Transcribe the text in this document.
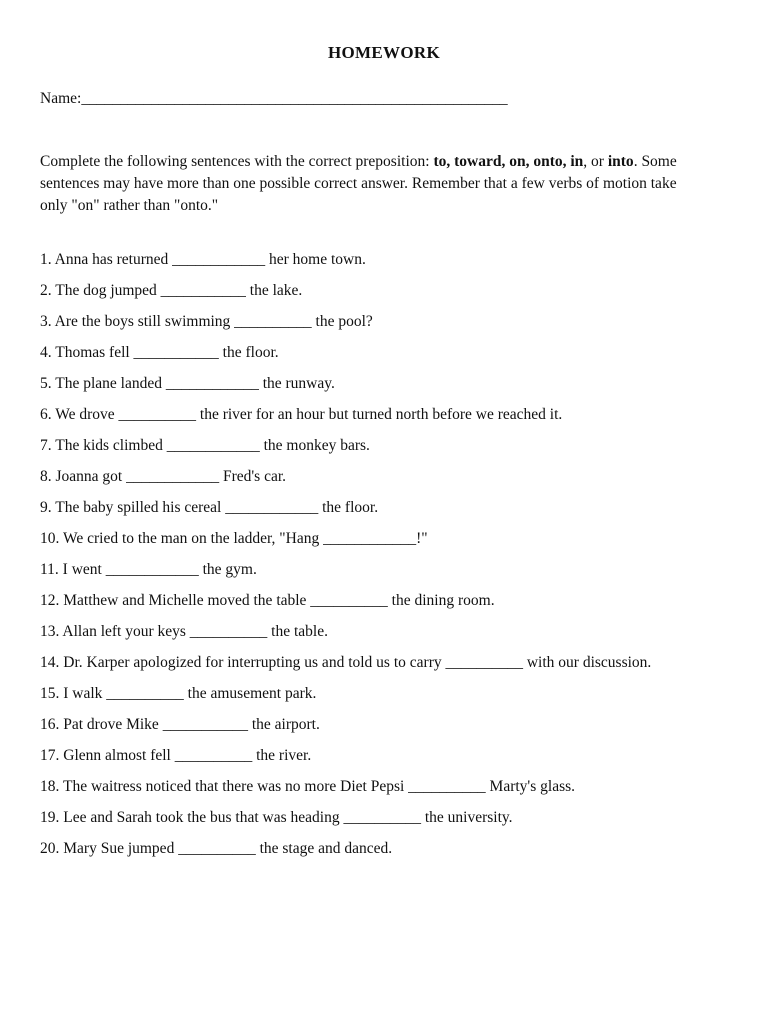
HOMEWORK
Name:_______________________________________________________
Complete the following sentences with the correct preposition: to, toward, on, onto, in, or into. Some sentences may have more than one possible correct answer. Remember that a few verbs of motion take only "on" rather than "onto."
1. Anna has returned ____________ her home town.
2. The dog jumped ___________ the lake.
3. Are the boys still swimming __________ the pool?
4. Thomas fell ___________ the floor.
5. The plane landed ____________ the runway.
6. We drove __________ the river for an hour but turned north before we reached it.
7. The kids climbed ____________ the monkey bars.
8. Joanna got ____________ Fred's car.
9. The baby spilled his cereal ____________ the floor.
10. We cried to the man on the ladder, "Hang ____________!"
11. I went ____________ the gym.
12. Matthew and Michelle moved the table __________ the dining room.
13. Allan left your keys __________ the table.
14. Dr. Karper apologized for interrupting us and told us to carry __________ with our discussion.
15. I walk __________ the amusement park.
16. Pat drove Mike ___________ the airport.
17. Glenn almost fell __________ the river.
18. The waitress noticed that there was no more Diet Pepsi __________ Marty's glass.
19. Lee and Sarah took the bus that was heading __________ the university.
20. Mary Sue jumped __________ the stage and danced.
